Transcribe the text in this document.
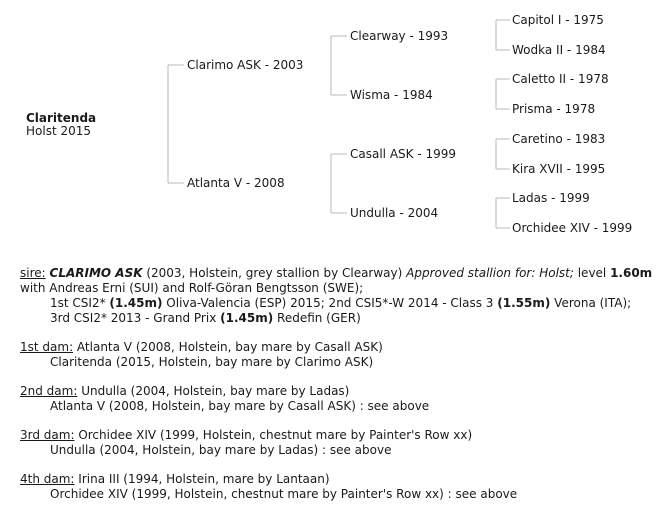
Claritenda
Holst 2015
Clarimo ASK - 2003
Atlanta V - 2008
Clearway - 1993
Wisma - 1984
Casall ASK - 1999
Undulla - 2004
Capitol I - 1975
Wodka II - 1984
Caletto II - 1978
Prisma - 1978
Caretino - 1983
Kira XVII - 1995
Ladas - 1999
Orchidee XIV - 1999

sire: CLARIMO ASK (2003, Holstein, grey stallion by Clearway) Approved stallion for: Holst; level 1.60m with Andreas Erni (SUI) and Rolf-Göran Bengtsson (SWE);

1st CSI2* (1.45m) Oliva-Valencia (ESP) 2015; 2nd CSI5*-W 2014 - Class 3 (1.55m) Verona (ITA);

3rd CSI2* 2013 - Grand Prix (1.45m) Redefin (GER)

1st dam: Atlanta V (2008, Holstein, bay mare by Casall ASK)

Claritenda (2015, Holstein, bay mare by Clarimo ASK)

2nd dam: Undulla (2004, Holstein, bay mare by Ladas)

Atlanta V (2008, Holstein, bay mare by Casall ASK) : see above

3rd dam: Orchidee XIV (1999, Holstein, chestnut mare by Painter's Row xx)

Undulla (2004, Holstein, bay mare by Ladas) : see above

4th dam: Irina III (1994, Holstein, mare by Lantaan)

Orchidee XIV (1999, Holstein, chestnut mare by Painter's Row xx) : see above
